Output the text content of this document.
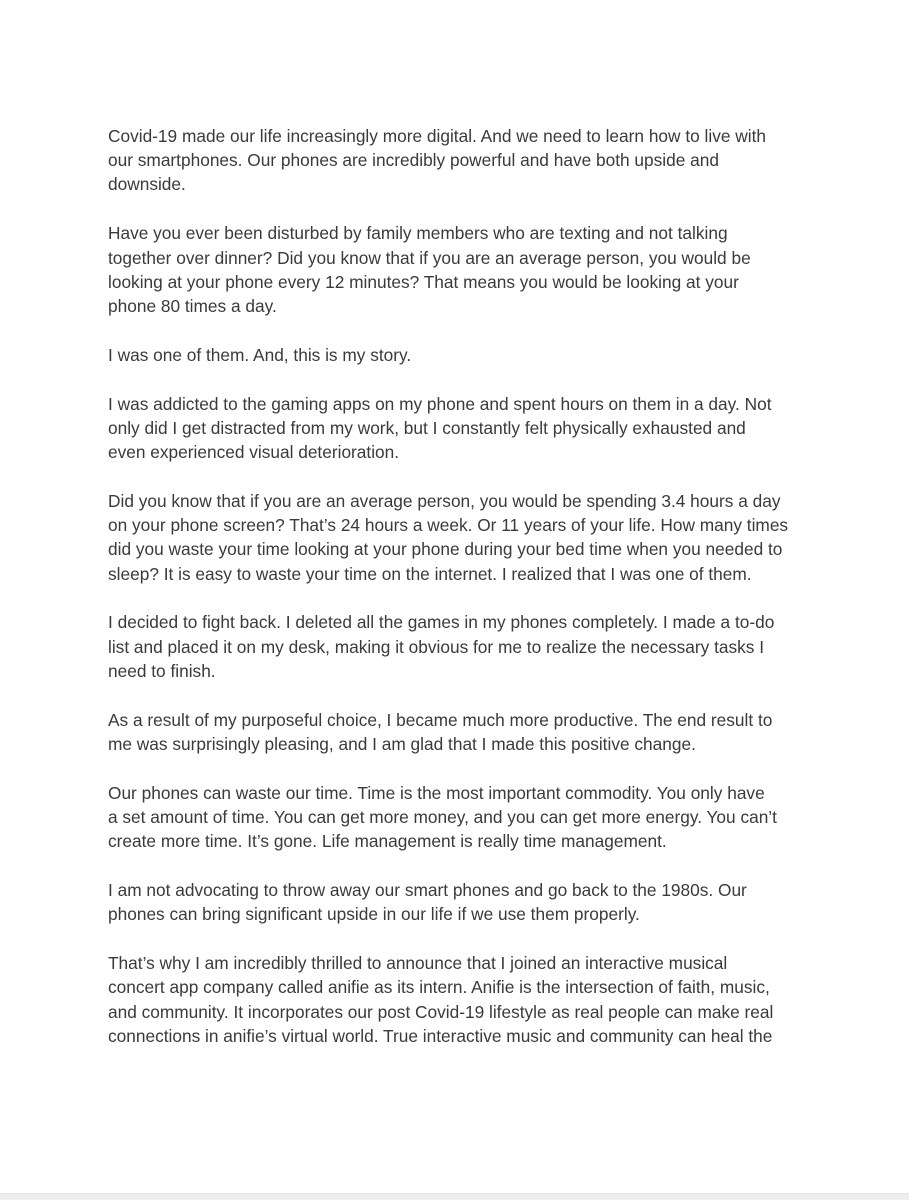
Covid-19 made our life increasingly more digital. And we need to learn how to live with
our smartphones. Our phones are incredibly powerful and have both upside and
downside.

Have you ever been disturbed by family members who are texting and not talking
together over dinner? Did you know that if you are an average person, you would be
looking at your phone every 12 minutes? That means you would be looking at your
phone 80 times a day.

I was one of them. And, this is my story.

I was addicted to the gaming apps on my phone and spent hours on them in a day. Not
only did I get distracted from my work, but I constantly felt physically exhausted and
even experienced visual deterioration.

Did you know that if you are an average person, you would be spending 3.4 hours a day
on your phone screen? That’s 24 hours a week. Or 11 years of your life. How many times
did you waste your time looking at your phone during your bed time when you needed to
sleep? It is easy to waste your time on the internet. I realized that I was one of them.

I decided to fight back. I deleted all the games in my phones completely. I made a to-do
list and placed it on my desk, making it obvious for me to realize the necessary tasks I
need to finish.

As a result of my purposeful choice, I became much more productive. The end result to
me was surprisingly pleasing, and I am glad that I made this positive change.

Our phones can waste our time. Time is the most important commodity. You only have
a set amount of time. You can get more money, and you can get more energy. You can’t
create more time. It’s gone. Life management is really time management.

I am not advocating to throw away our smart phones and go back to the 1980s. Our
phones can bring significant upside in our life if we use them properly.

That’s why I am incredibly thrilled to announce that I joined an interactive musical
concert app company called anifie as its intern. Anifie is the intersection of faith, music,
and community. It incorporates our post Covid-19 lifestyle as real people can make real
connections in anifie’s virtual world. True interactive music and community can heal the
